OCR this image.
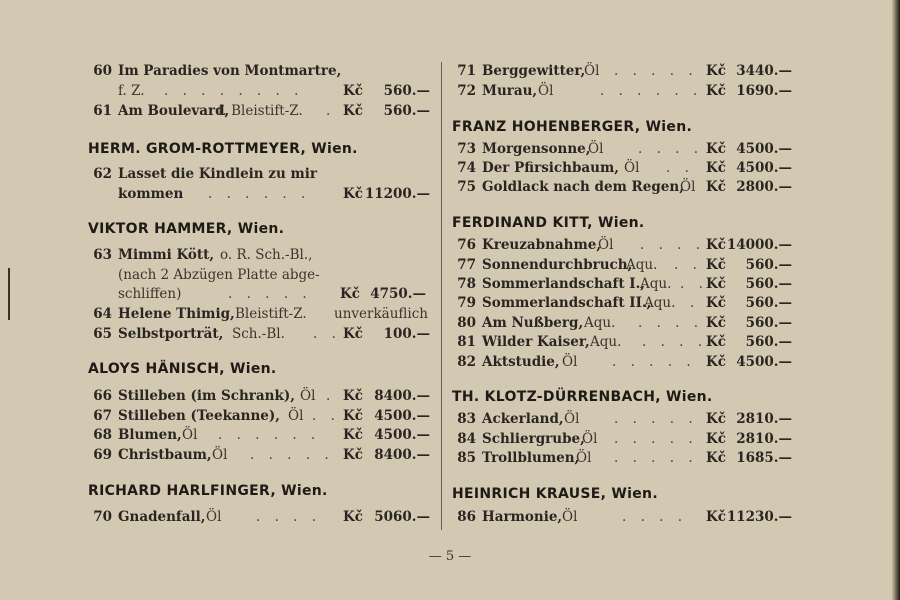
60 Im Paradies von Montmartre,
f. Z. . . . . . . . .	Kč	560.—
61 Am Boulevard,
f. Bleistift-Z. . Kč	560.—
HERM. GROM-ROTTMEYER, Wien.
62 Lasset die Kindlein zu mir
kommen . . . . . . Kč 11200.—
VIKTOR HAMMER, Wien.
63 Mimmi Kött, o. R. Sch.-Bl.,
(nach 2 Abzügen Platte abge-
schliffen)	. . . . . Kč 4750.—
64 Helene Thimig, Bleistift-Z. unverkäuflich
65 Selbstporträt, Sch.-Bl. . . Kč	100.—
ALOYS HÄNISCH, Wien.
66 Stilleben (im Schrank), Öl . Kč 8400.—
67 Stilleben (Teekanne), Öl . . Kč 4500.—
68 Blumen, Öl . . . . . . Kč 4500.—
69 Christbaum, Öl . . . . . Kč 8400.—
RICHARD HARLFINGER, Wien.
70 Gnadenfall, Öl	. . . . Kč 5060.—
71 Berggewitter,
Öl . . . . . Kč 3440.—
72 Murau, Öl	. . . . . . Kč 1690.—
FRANZ HOHENBERGER, Wien.
73 Morgensonne,
Öl	. . . . Kč 4500.—
74 Der Pfirsichbaum, Öl . . Kč 4500.—
75 Goldlack nach dem Regen,
Öl Kč 2800.—
FERDINAND KITT, Wien.
76 Kreuzabnahme,
Öl . . . . Kč 14000.—
77 Sonnendurchbruch,
Aqu. . . Kč	560.—
78 Sommerlandschaft I.,
Aqu. . .
Kč	560.—
79 Sommerlandschaft II.,
Aqu. . Kč	560.—
80 Am Nußberg, Aqu. . . . . Kč	560.—
81 Wilder Kaiser, Aqu. . . . .
Kč	560.—
82 Aktstudie, Öl	. . . . . Kč 4500.—
TH. KLOTZ-DÜRRENBACH, Wien.
83 Ackerland, Öl	. . . . . Kč 2810.—
84 Schliergrube,
Öl . . . . . Kč 2810.—
85 Trollblumen,
Öl . . . . . Kč 1685.—
HEINRICH KRAUSE, Wien.
86 Harmonie, Öl	. . . . Kč 11230.—
— 5 —
